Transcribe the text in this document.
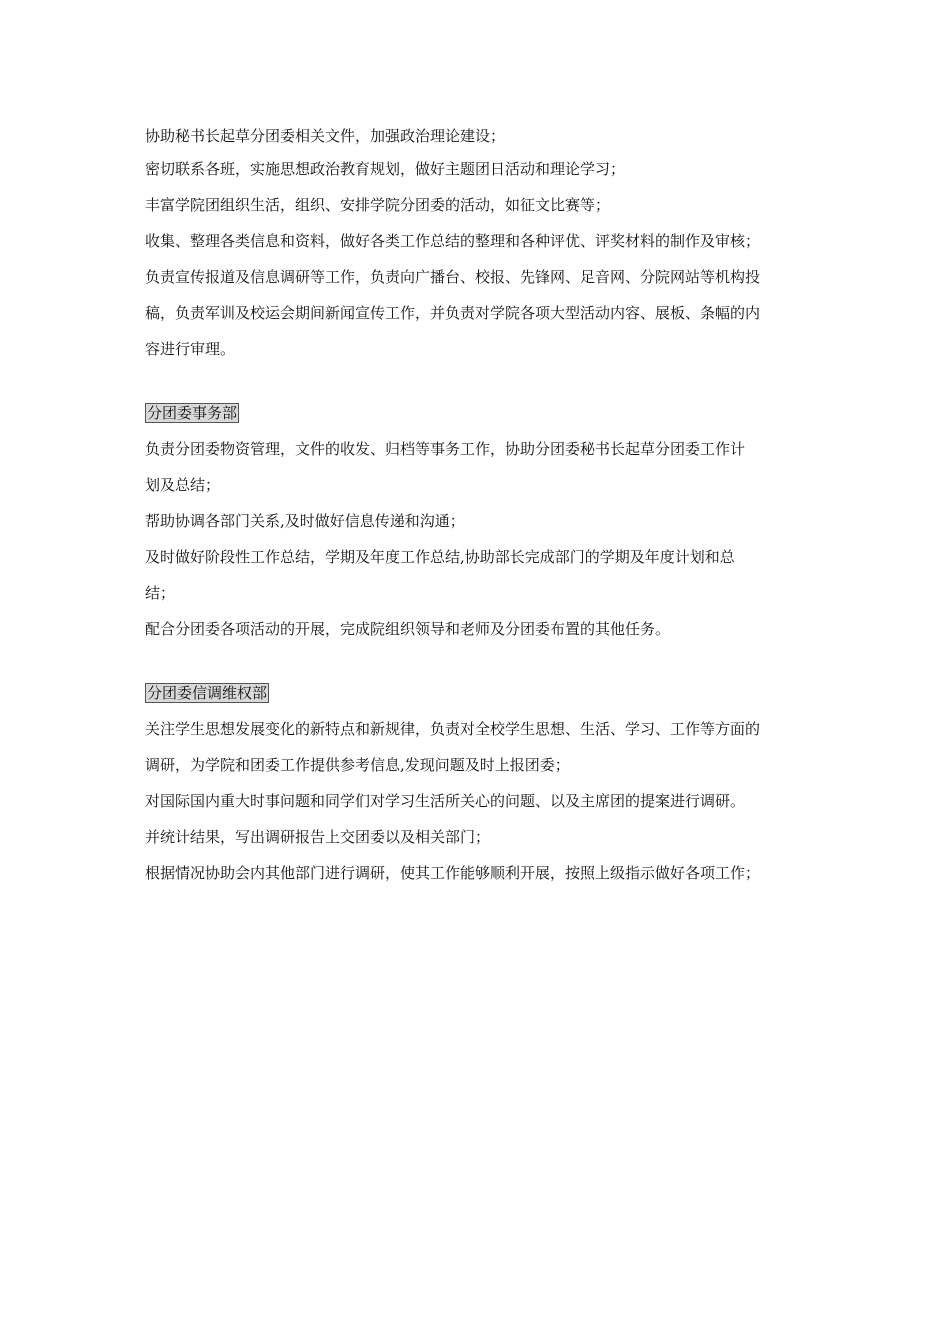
协助秘书长起草分团委相关文件，加强政治理论建设；

密切联系各班，实施思想政治教育规划，做好主题团日活动和理论学习；

丰富学院团组织生活，组织、安排学院分团委的活动，如征文比赛等；

收集、整理各类信息和资料，做好各类工作总结的整理和各种评优、评奖材料的制作及审核；

负责宣传报道及信息调研等工作，负责向广播台、校报、先锋网、足音网、分院网站等机构投

稿，负责军训及校运会期间新闻宣传工作，并负责对学院各项大型活动内容、展板、条幅的内

容进行审理。

分团委事务部

负责分团委物资管理，文件的收发、归档等事务工作，协助分团委秘书长起草分团委工作计

划及总结；

帮助协调各部门关系,及时做好信息传递和沟通；

及时做好阶段性工作总结，学期及年度工作总结,协助部长完成部门的学期及年度计划和总

结；

配合分团委各项活动的开展，完成院组织领导和老师及分团委布置的其他任务。

分团委信调维权部

关注学生思想发展变化的新特点和新规律，负责对全校学生思想、生活、学习、工作等方面的

调研，为学院和团委工作提供参考信息,发现问题及时上报团委；

对国际国内重大时事问题和同学们对学习生活所关心的问题、以及主席团的提案进行调研。

并统计结果，写出调研报告上交团委以及相关部门；

根据情况协助会内其他部门进行调研，使其工作能够顺利开展，按照上级指示做好各项工作；
